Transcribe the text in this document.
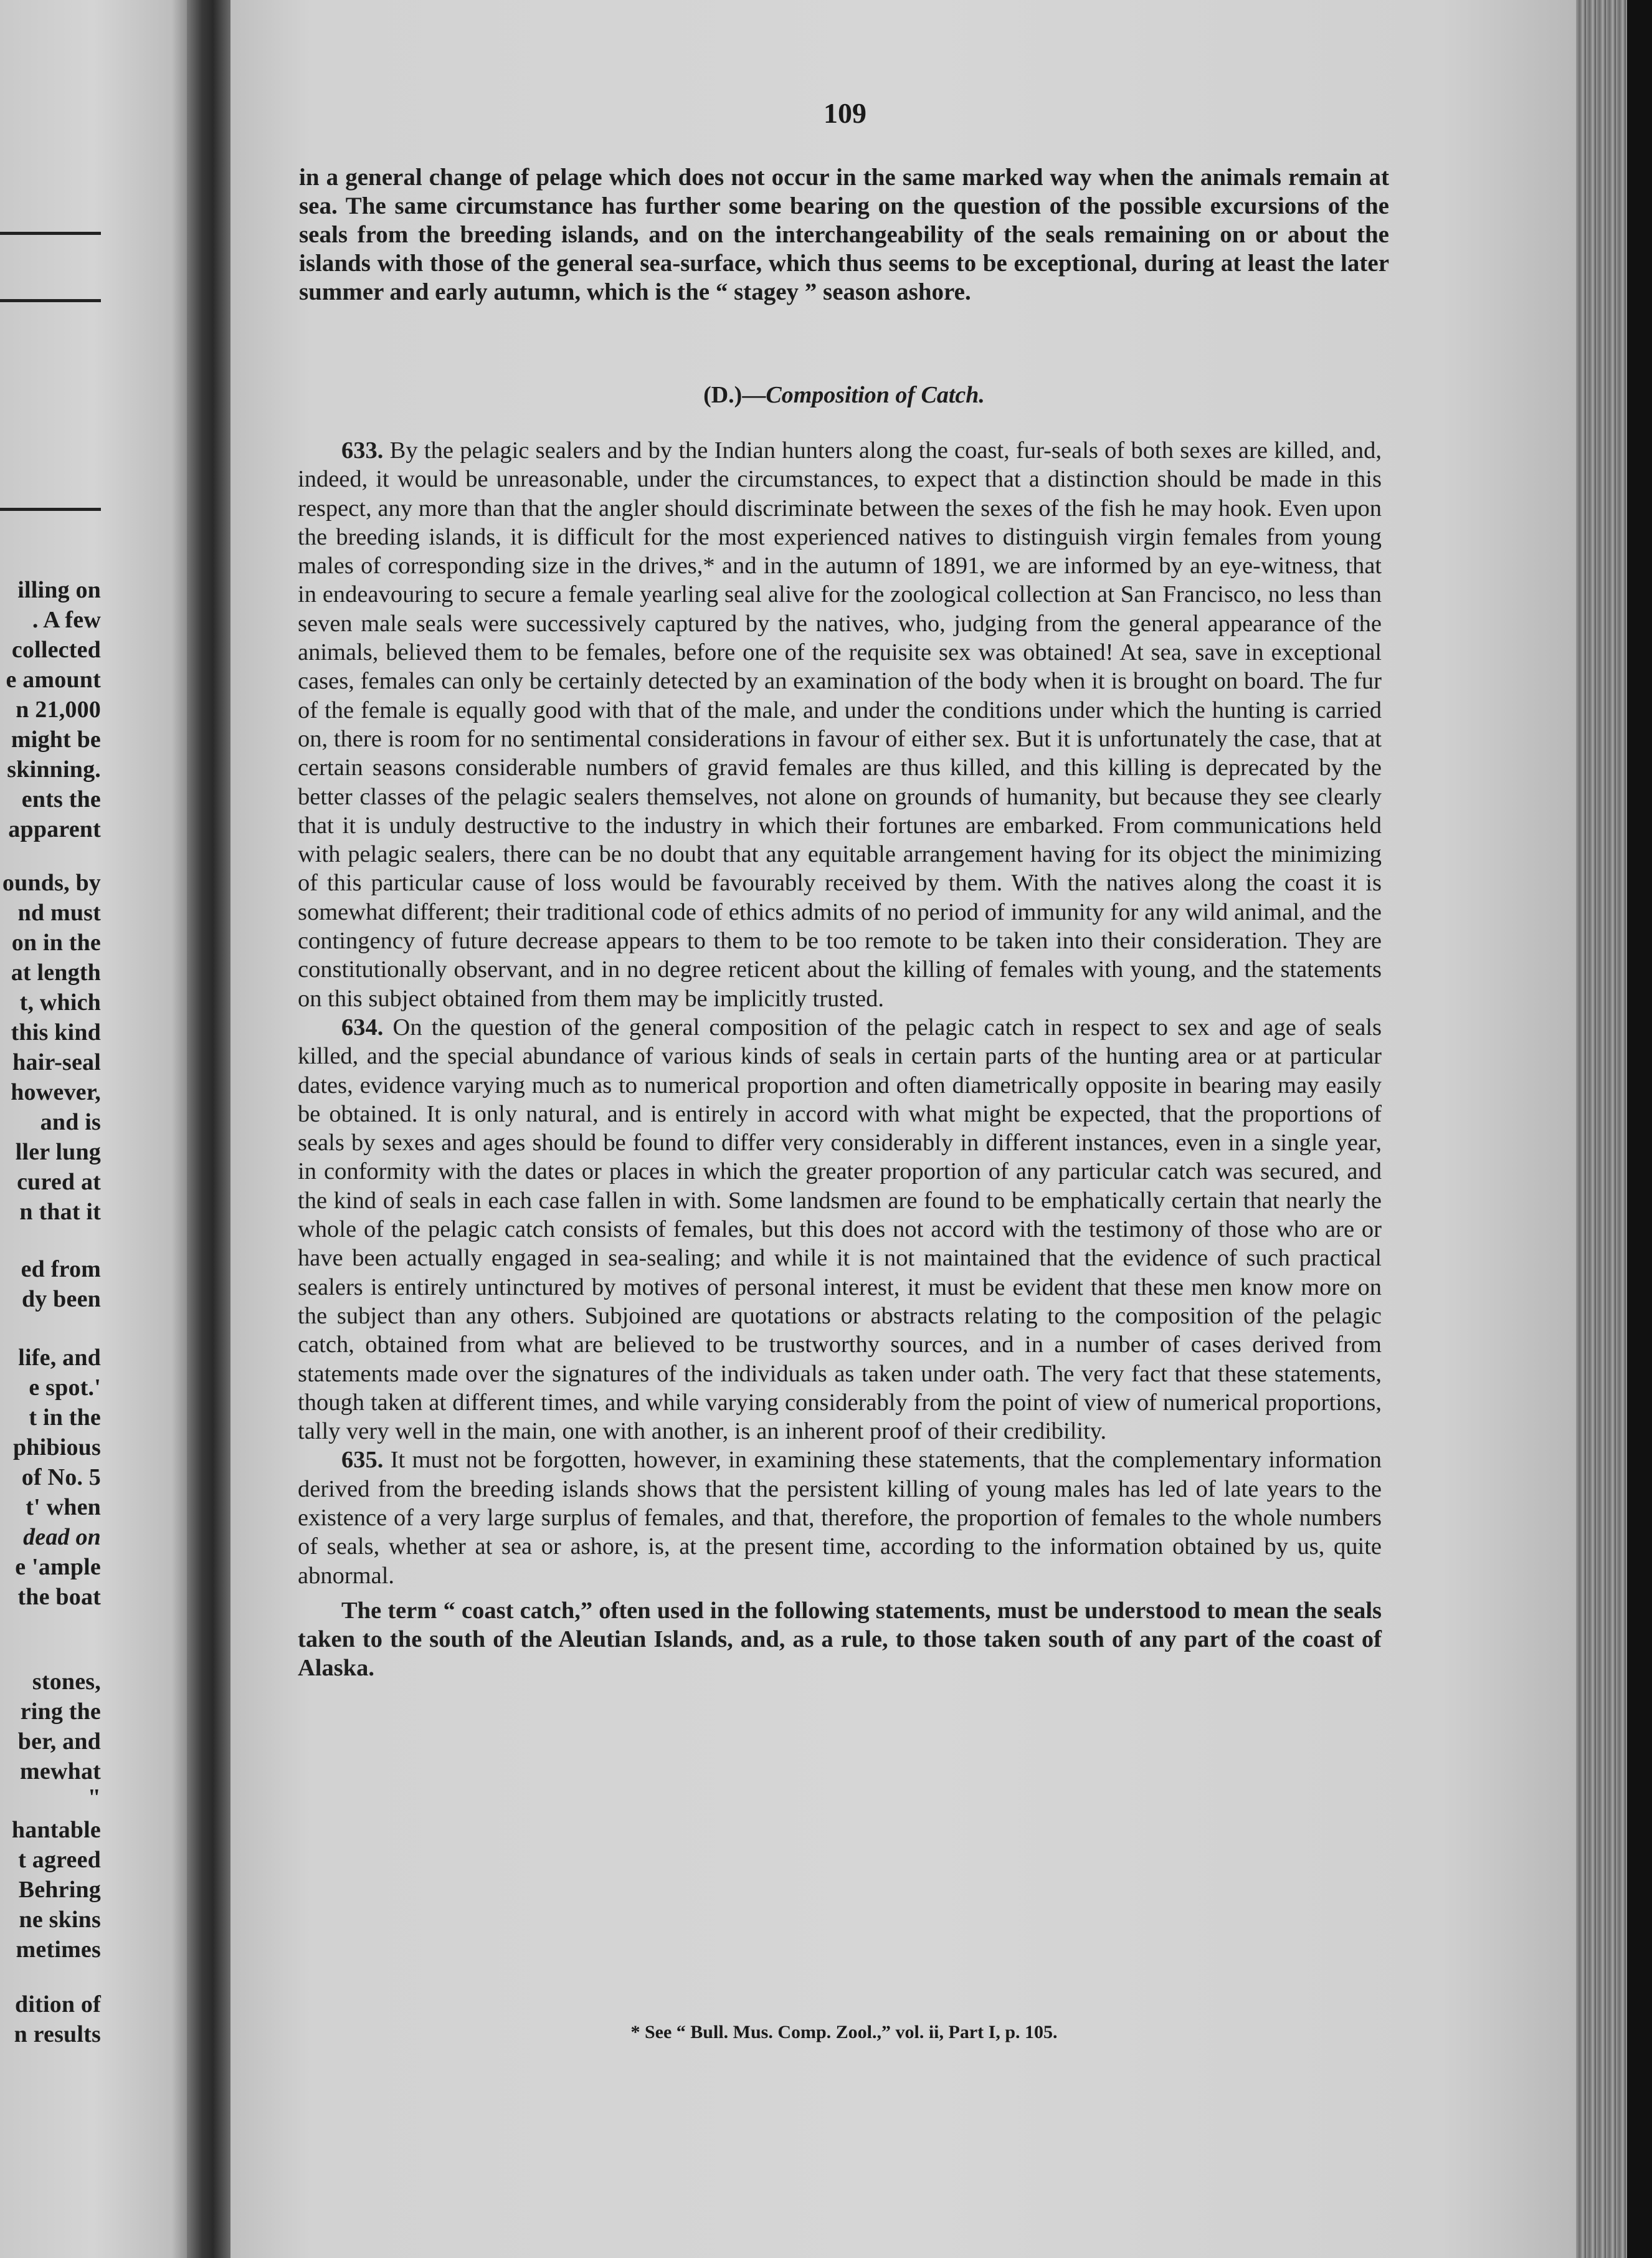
illing on
. A few
collected
e amount
n 21,000
might be
skinning.
ents the
apparent
ounds, by
nd must
on in the
at length
t, which
this kind
hair-seal
however,
and is
ller lung
cured at
n that it
ed from
dy been
life, and
e spot.'
t in the
phibious
of No. 5
t' when
dead on
e 'ample
the boat
stones,
ring the
ber, and
mewhat
"
hantable
t agreed
Behring
ne skins
metimes
dition of
n results
109
in a general change of pelage which does not occur in the same marked way when the animals remain at sea. The same circumstance has further some bearing on the question of the possible excursions of the seals from the breeding islands, and on the interchangeability of the seals remaining on or about the islands with those of the general sea-surface, which thus seems to be exceptional, during at least the later summer and early autumn, which is the “ stagey ” season ashore.
(D.)—Composition of Catch.

633. By the pelagic sealers and by the Indian hunters along the coast, fur-seals of both sexes are killed, and, indeed, it would be unreasonable, under the circumstances, to expect that a distinction should be made in this respect, any more than that the angler should discriminate between the sexes of the fish he may hook. Even upon the breeding islands, it is difficult for the most experienced natives to distinguish virgin females from young males of corresponding size in the drives,* and in the autumn of 1891, we are informed by an eye-witness, that in endeavouring to secure a female yearling seal alive for the zoological collection at San Francisco, no less than seven male seals were successively captured by the natives, who, judging from the general appearance of the animals, believed them to be females, before one of the requisite sex was obtained! At sea, save in exceptional cases, females can only be certainly detected by an examination of the body when it is brought on board. The fur of the female is equally good with that of the male, and under the conditions under which the hunting is carried on, there is room for no sentimental considerations in favour of either sex. But it is unfortunately the case, that at certain seasons considerable numbers of gravid females are thus killed, and this killing is deprecated by the better classes of the pelagic sealers themselves, not alone on grounds of humanity, but because they see clearly that it is unduly destructive to the industry in which their fortunes are embarked. From communications held with pelagic sealers, there can be no doubt that any equitable arrangement having for its object the minimizing of this particular cause of loss would be favourably received by them. With the natives along the coast it is somewhat different; their traditional code of ethics admits of no period of immunity for any wild animal, and the contingency of future decrease appears to them to be too remote to be taken into their consideration. They are constitutionally observant, and in no degree reticent about the killing of females with young, and the statements on this subject obtained from them may be implicitly trusted.

634. On the question of the general composition of the pelagic catch in respect to sex and age of seals killed, and the special abundance of various kinds of seals in certain parts of the hunting area or at particular dates, evidence varying much as to numerical proportion and often diametrically opposite in bearing may easily be obtained. It is only natural, and is entirely in accord with what might be expected, that the proportions of seals by sexes and ages should be found to differ very considerably in different instances, even in a single year, in conformity with the dates or places in which the greater proportion of any particular catch was secured, and the kind of seals in each case fallen in with. Some landsmen are found to be emphatically certain that nearly the whole of the pelagic catch consists of females, but this does not accord with the testimony of those who are or have been actually engaged in sea-sealing; and while it is not maintained that the evidence of such practical sealers is entirely untinctured by motives of personal interest, it must be evident that these men know more on the subject than any others. Subjoined are quotations or abstracts relating to the composition of the pelagic catch, obtained from what are believed to be trustworthy sources, and in a number of cases derived from statements made over the signatures of the individuals as taken under oath. The very fact that these statements, though taken at different times, and while varying considerably from the point of view of numerical proportions, tally very well in the main, one with another, is an inherent proof of their credibility.

635. It must not be forgotten, however, in examining these statements, that the complementary information derived from the breeding islands shows that the persistent killing of young males has led of late years to the existence of a very large surplus of females, and that, therefore, the proportion of females to the whole numbers of seals, whether at sea or ashore, is, at the present time, according to the information obtained by us, quite abnormal.

The term “ coast catch,” often used in the following statements, must be understood to mean the seals taken to the south of the Aleutian Islands, and, as a rule, to those taken south of any part of the coast of Alaska.

* See “ Bull. Mus. Comp. Zool.,” vol. ii, Part I, p. 105.
